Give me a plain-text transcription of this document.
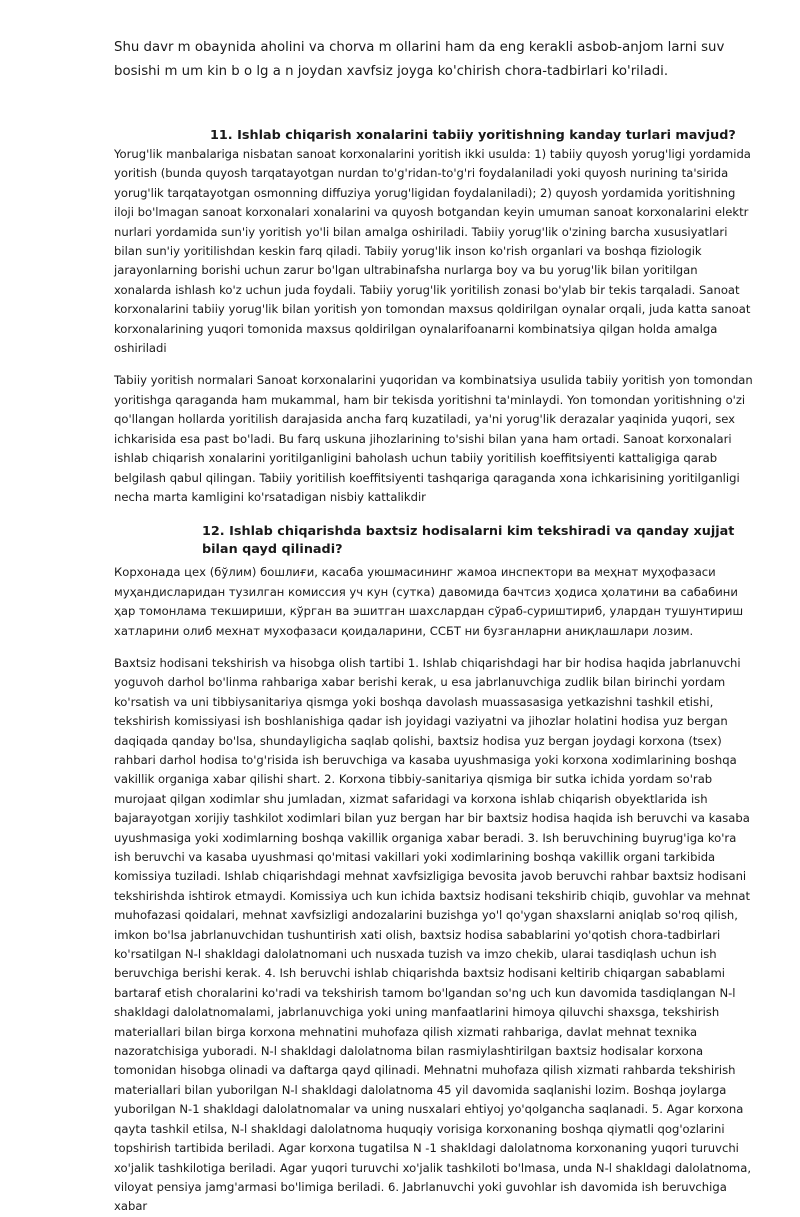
Shu davr m obaynida aholini va chorva m ollarini ham da eng kerakli asbob-anjom larni suv bosishi m um kin b o lg a n joydan xavfsiz joyga ko'chirish chora-tadbirlari ko'riladi.

11. Ishlab chiqarish xonalarini tabiiy yoritishning kanday turlari mavjud?

Yorug'lik manbalariga nisbatan sanoat korxonalarini yoritish ikki usulda: 1) tabiiy quyosh yorug'ligi yordamida yoritish (bunda quyosh tarqatayotgan nurdan to'g'ridan-to'g'ri foydalaniladi yoki quyosh nurining ta'sirida yorug'lik tarqatayotgan osmonning diffuziya yorug'ligidan foydalaniladi); 2) quyosh yordamida yoritishning iloji bo'lmagan sanoat korxonalari xonalarini va quyosh botgandan keyin umuman sanoat korxonalarini elektr nurlari yordamida sun'iy yoritish yo'li bilan amalga oshiriladi. Tabiiy yorug'lik o'zining barcha xususiyatlari bilan sun'iy yoritilishdan keskin farq qiladi. Tabiiy yorug'lik inson ko'rish organlari va boshqa fiziologik jarayonlarning borishi uchun zarur bo'lgan ultrabinafsha nurlarga boy va bu yorug'lik bilan yoritilgan xonalarda ishlash ko'z uchun juda foydali. Tabiiy yorug'lik yoritilish zonasi bo'ylab bir tekis tarqaladi. Sanoat korxonalarini tabiiy yorug'lik bilan yoritish yon tomondan maxsus qoldirilgan oynalar orqali, juda katta sanoat korxonalarining yuqori tomonida maxsus qoldirilgan oynalarifoanarni kombinatsiya qilgan holda amalga oshiriladi

Tabiiy yoritish normalari Sanoat korxonalarini yuqoridan va kombinatsiya usulida tabiiy yoritish yon tomondan yoritishga qaraganda ham mukammal, ham bir tekisda yoritishni ta'minlaydi. Yon tomondan yoritishning o'zi qo'llangan hollarda yoritilish darajasida ancha farq kuzatiladi, ya'ni yorug'lik derazalar yaqinida yuqori, sex ichkarisida esa past bo'ladi. Bu farq uskuna jihozlarining to'sishi bilan yana ham ortadi. Sanoat korxonalari ishlab chiqarish xonalarini yoritilganligini baholash uchun tabiiy yoritilish koeffitsiyenti kattaligiga qarab belgilash qabul qilingan. Tabiiy yoritilish koeffitsiyenti tashqariga qaraganda xona ichkarisining yoritilganligi necha marta kamligini ko'rsatadigan nisbiy kattalikdir

12. Ishlab chiqarishda baxtsiz hodisalarni kim tekshiradi va qanday xujjat bilan qayd qilinadi?

Корхонада цех (бўлим) бошлиғи, касаба уюшмасининг жамоа инспектори ва меҳнат муҳофазаси муҳандисларидан тузилган комиссия уч кун (сутка) давомида бачтсиз ҳодиса ҳолатини ва сабабини ҳар томонлама текшириши, кўрган ва эшитган шахслардан сўраб-суриштириб, улардан тушунтириш хатларини олиб мехнат мухофазаси қоидаларини, ССБТ ни бузганларни аниқлашлари лозим.

Baxtsiz hodisani tekshirish va hisobga olish tartibi 1. Ishlab chiqarishdagi har bir hodisa haqida jabrlanuvchi yoguvoh darhol bo'linma rahbariga xabar berishi kerak, u esa jabrlanuvchiga zudlik bilan birinchi yordam ko'rsatish va uni tibbiysanitariya qismga yoki boshqa davolash muassasasiga yetkazishni tashkil etishi, tekshirish komissiyasi ish boshlanishiga qadar ish joyidagi vaziyatni va jihozlar holatini hodisa yuz bergan daqiqada qanday bo'lsa, shundayligicha saqlab qolishi, baxtsiz hodisa yuz bergan joydagi korxona (tsex) rahbari darhol hodisa to'g'risida ish beruvchiga va kasaba uyushmasiga yoki korxona xodimlarining boshqa vakillik organiga xabar qilishi shart. 2. Korxona tibbiy-sanitariya qismiga bir sutka ichida yordam so'rab murojaat qilgan xodimlar shu jumladan, xizmat safaridagi va korxona ishlab chiqarish obyektlarida ish bajarayotgan xorijiy tashkilot xodimlari bilan yuz bergan har bir baxtsiz hodisa haqida ish beruvchi va kasaba uyushmasiga yoki xodimlarning boshqa vakillik organiga xabar beradi. 3. Ish beruvchining buyrug'iga ko'ra ish beruvchi va kasaba uyushmasi qo'mitasi vakillari yoki xodimlarining boshqa vakillik organi tarkibida komissiya tuziladi. Ishlab chiqarishdagi mehnat xavfsizligiga bevosita javob beruvchi rahbar baxtsiz hodisani tekshirishda ishtirok etmaydi. Komissiya uch kun ichida baxtsiz hodisani tekshirib chiqib, guvohlar va mehnat muhofazasi qoidalari, mehnat xavfsizligi andozalarini buzishga yo'l qo'ygan shaxslarni aniqlab so'roq qilish, imkon bo'lsa jabrlanuvchidan tushuntirish xati olish, baxtsiz hodisa sabablarini yo'qotish chora-tadbirlari ko'rsatilgan N-l shakldagi dalolatnomani uch nusxada tuzish va imzo chekib, ularai tasdiqlash uchun ish beruvchiga berishi kerak. 4. Ish beruvchi ishlab chiqarishda baxtsiz hodisani keltirib chiqargan sabablami bartaraf etish choralarini ko'radi va tekshirish tamom bo'lgandan so'ng uch kun davomida tasdiqlangan N-l shakldagi dalolatnomalami, jabrlanuvchiga yoki uning manfaatlarini himoya qiluvchi shaxsga, tekshirish materiallari bilan birga korxona mehnatini muhofaza qilish xizmati rahbariga, davlat mehnat texnika nazoratchisiga yuboradi. N-l shakldagi dalolatnoma bilan rasmiylashtirilgan baxtsiz hodisalar korxona tomonidan hisobga olinadi va daftarga qayd qilinadi. Mehnatni muhofaza qilish xizmati rahbarda tekshirish materiallari bilan yuborilgan N-l shakldagi dalolatnoma 45 yil davomida saqlanishi lozim. Boshqa joylarga yuborilgan N-1 shakldagi dalolatnomalar va uning nusxalari ehtiyoj yo'qolgancha saqlanadi. 5. Agar korxona qayta tashkil etilsa, N-l shakldagi dalolatnoma huquqiy vorisiga korxonaning boshqa qiymatli qog'ozlarini topshirish tartibida beriladi. Agar korxona tugatilsa N -1 shakldagi dalolatnoma korxonaning yuqori turuvchi xo'jalik tashkilotiga beriladi. Agar yuqori turuvchi xo'jalik tashkiloti bo'lmasa, unda N-l shakldagi dalolatnoma, viloyat pensiya jamg'armasi bo'limiga beriladi. 6. Jabrlanuvchi yoki guvohlar ish davomida ish beruvchiga xabar
